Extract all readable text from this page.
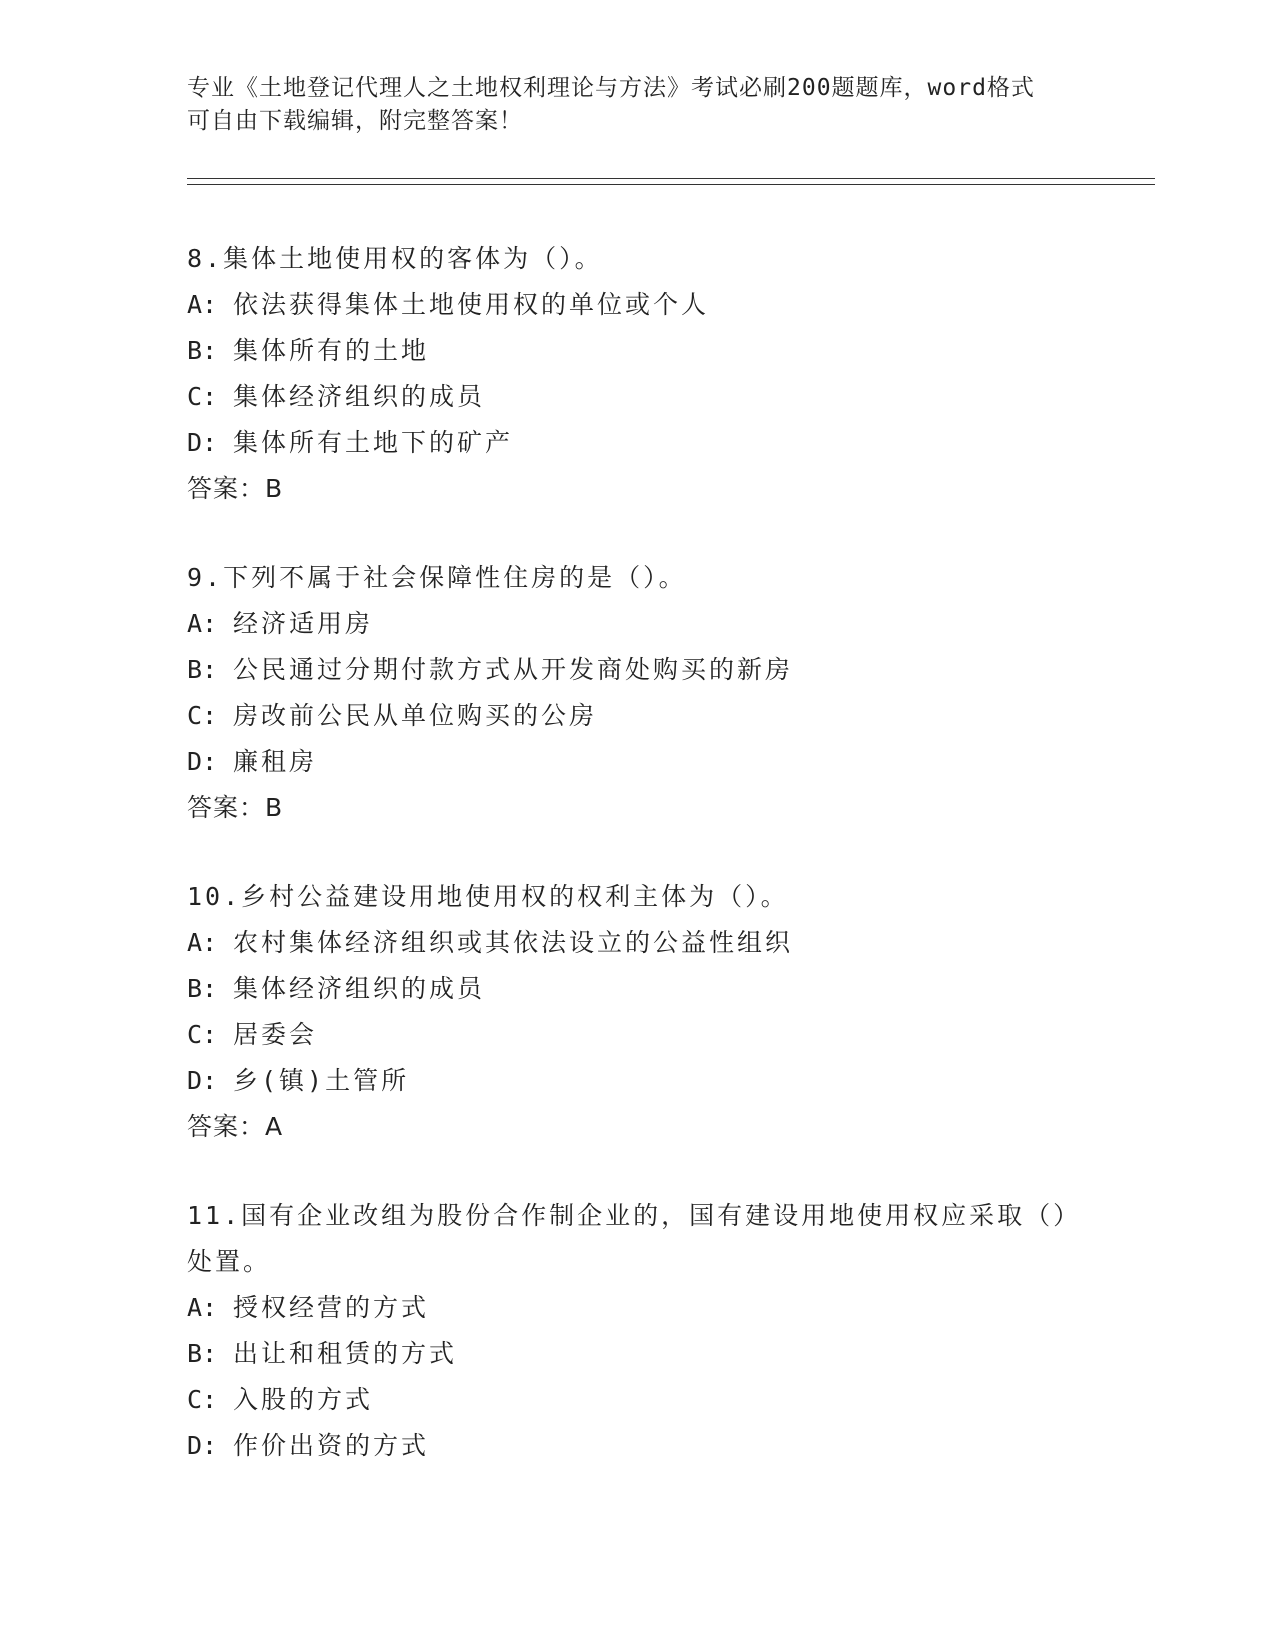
专业《土地登记代理人之土地权利理论与方法》考试必刷200题题库，word格式
可自由下载编辑，附完整答案！
8.集体土地使用权的客体为（）。
A: 依法获得集体土地使用权的单位或个人
B: 集体所有的土地
C: 集体经济组织的成员
D: 集体所有土地下的矿产
答案：B
9.下列不属于社会保障性住房的是（）。
A: 经济适用房
B: 公民通过分期付款方式从开发商处购买的新房
C: 房改前公民从单位购买的公房
D: 廉租房
答案：B
10.乡村公益建设用地使用权的权利主体为（）。
A: 农村集体经济组织或其依法设立的公益性组织
B: 集体经济组织的成员
C: 居委会
D: 乡(镇)土管所
答案：A
11.国有企业改组为股份合作制企业的，国有建设用地使用权应采取（）处置。
A: 授权经营的方式
B: 出让和租赁的方式
C: 入股的方式
D: 作价出资的方式
